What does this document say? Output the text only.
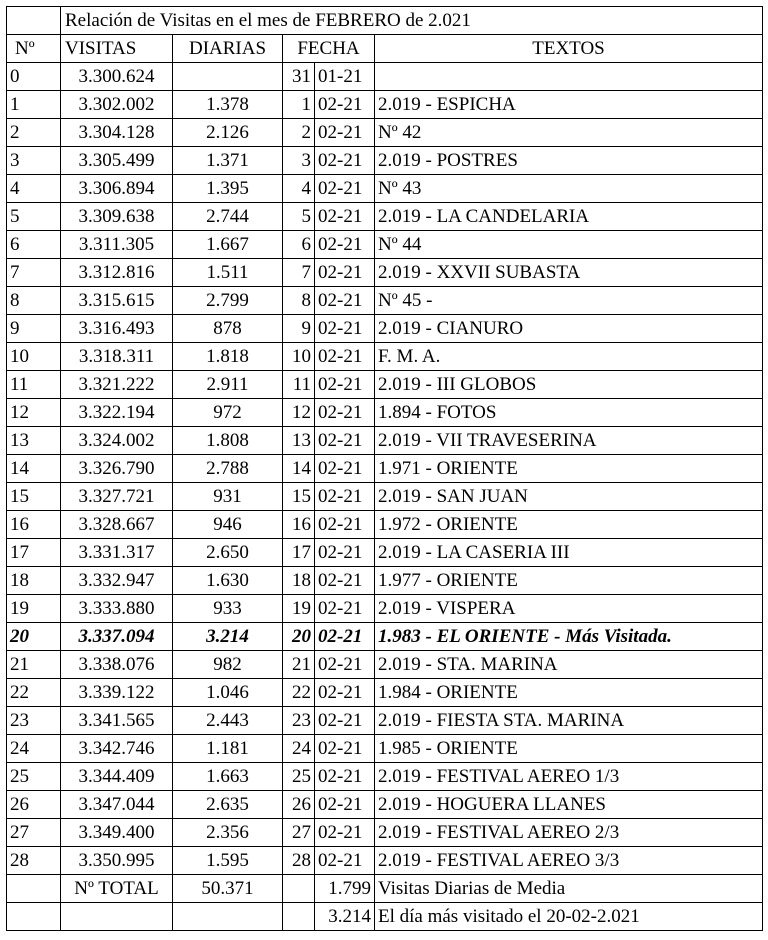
	Relación de Visitas en el mes de FEBRERO de 2.021				
Nº	VISITAS	DIARIAS	FECHA		TEXTOS
0	3.300.624		31	01-21	
1	3.302.002	1.378	1	02-21	2.019 - ESPICHA
2	3.304.128	2.126	2	02-21	Nº 42
3	3.305.499	1.371	3	02-21	2.019 - POSTRES
4	3.306.894	1.395	4	02-21	Nº 43
5	3.309.638	2.744	5	02-21	2.019 - LA CANDELARIA
6	3.311.305	1.667	6	02-21	Nº 44
7	3.312.816	1.511	7	02-21	2.019 - XXVII SUBASTA
8	3.315.615	2.799	8	02-21	Nº 45 -
9	3.316.493	878	9	02-21	2.019 - CIANURO
10	3.318.311	1.818	10	02-21	F. M. A.
11	3.321.222	2.911	11	02-21	2.019 - III GLOBOS
12	3.322.194	972	12	02-21	1.894 - FOTOS
13	3.324.002	1.808	13	02-21	2.019 - VII TRAVESERINA
14	3.326.790	2.788	14	02-21	1.971 - ORIENTE
15	3.327.721	931	15	02-21	2.019 - SAN JUAN
16	3.328.667	946	16	02-21	1.972 - ORIENTE
17	3.331.317	2.650	17	02-21	2.019 - LA CASERIA III
18	3.332.947	1.630	18	02-21	1.977 - ORIENTE
19	3.333.880	933	19	02-21	2.019 - VISPERA
20	3.337.094	3.214	20	02-21	1.983 - EL ORIENTE - Más Visitada.
21	3.338.076	982	21	02-21	2.019 - STA. MARINA
22	3.339.122	1.046	22	02-21	1.984 - ORIENTE
23	3.341.565	2.443	23	02-21	2.019 - FIESTA STA. MARINA
24	3.342.746	1.181	24	02-21	1.985 - ORIENTE
25	3.344.409	1.663	25	02-21	2.019 - FESTIVAL AEREO 1/3
26	3.347.044	2.635	26	02-21	2.019 - HOGUERA LLANES
27	3.349.400	2.356	27	02-21	2.019 - FESTIVAL AEREO 2/3
28	3.350.995	1.595	28	02-21	2.019 - FESTIVAL AEREO 3/3
	Nº TOTAL	50.371		1.799	Visitas Diarias de Media
				3.214	El día más visitado el 20-02-2.021
